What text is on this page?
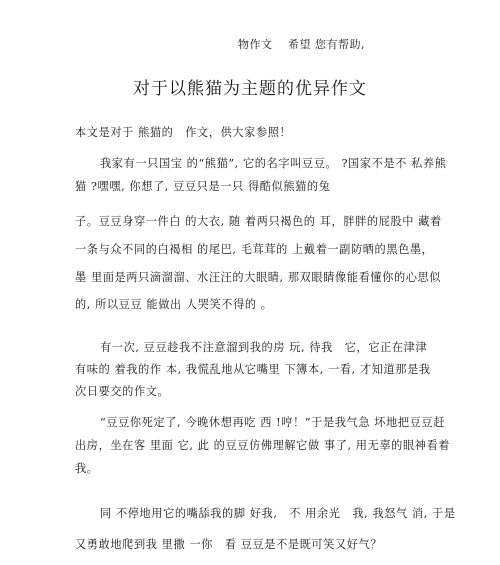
物作文　 希望 您有帮助,
对于以熊猫为主题的优异作文
本文是对于 熊猫的　作文，供大家参照！
我家有一只国宝 的“熊猫”, 它的名字叫豆豆。 ?国家不是不 私养熊
猫 ?嘿嘿, 你想了, 豆豆只是一只 得酷似熊猫的兔
子。豆豆身穿一件白 的大衣, 随 着两只褐色的 耳，胖胖的屁股中 藏着
一条与众不同的白褐相 的尾巴, 毛茸茸的 上戴着一副防晒的黑色墨，
墨 里面是两只滴溜溜、水汪汪的大眼睛, 那双眼睛像能看懂你的心思似
的, 所以豆豆 能做出 人哭笑不得的 。
有一次, 豆豆趁我不注意溜到我的房 玩, 待我　它，它正在津津
有味的 着我的作 本, 我慌乱地从它嘴里 下簿本, 一看, 才知道那是我
次日要交的作文。
“豆豆你死定了, 今晚休想再吃 西 !哼！”于是我气急 坏地把豆豆赶
出房，坐在客 里面 它, 此 的豆豆仿佛理解它做 事了, 用无辜的眼神看着
我。
同 不停地用它的嘴舔我的脚 好我,　不 用余光　我, 我怒气 消, 于是
又勇敢地爬到我 里撒 一你　看 豆豆是不是既可笑又好气？
